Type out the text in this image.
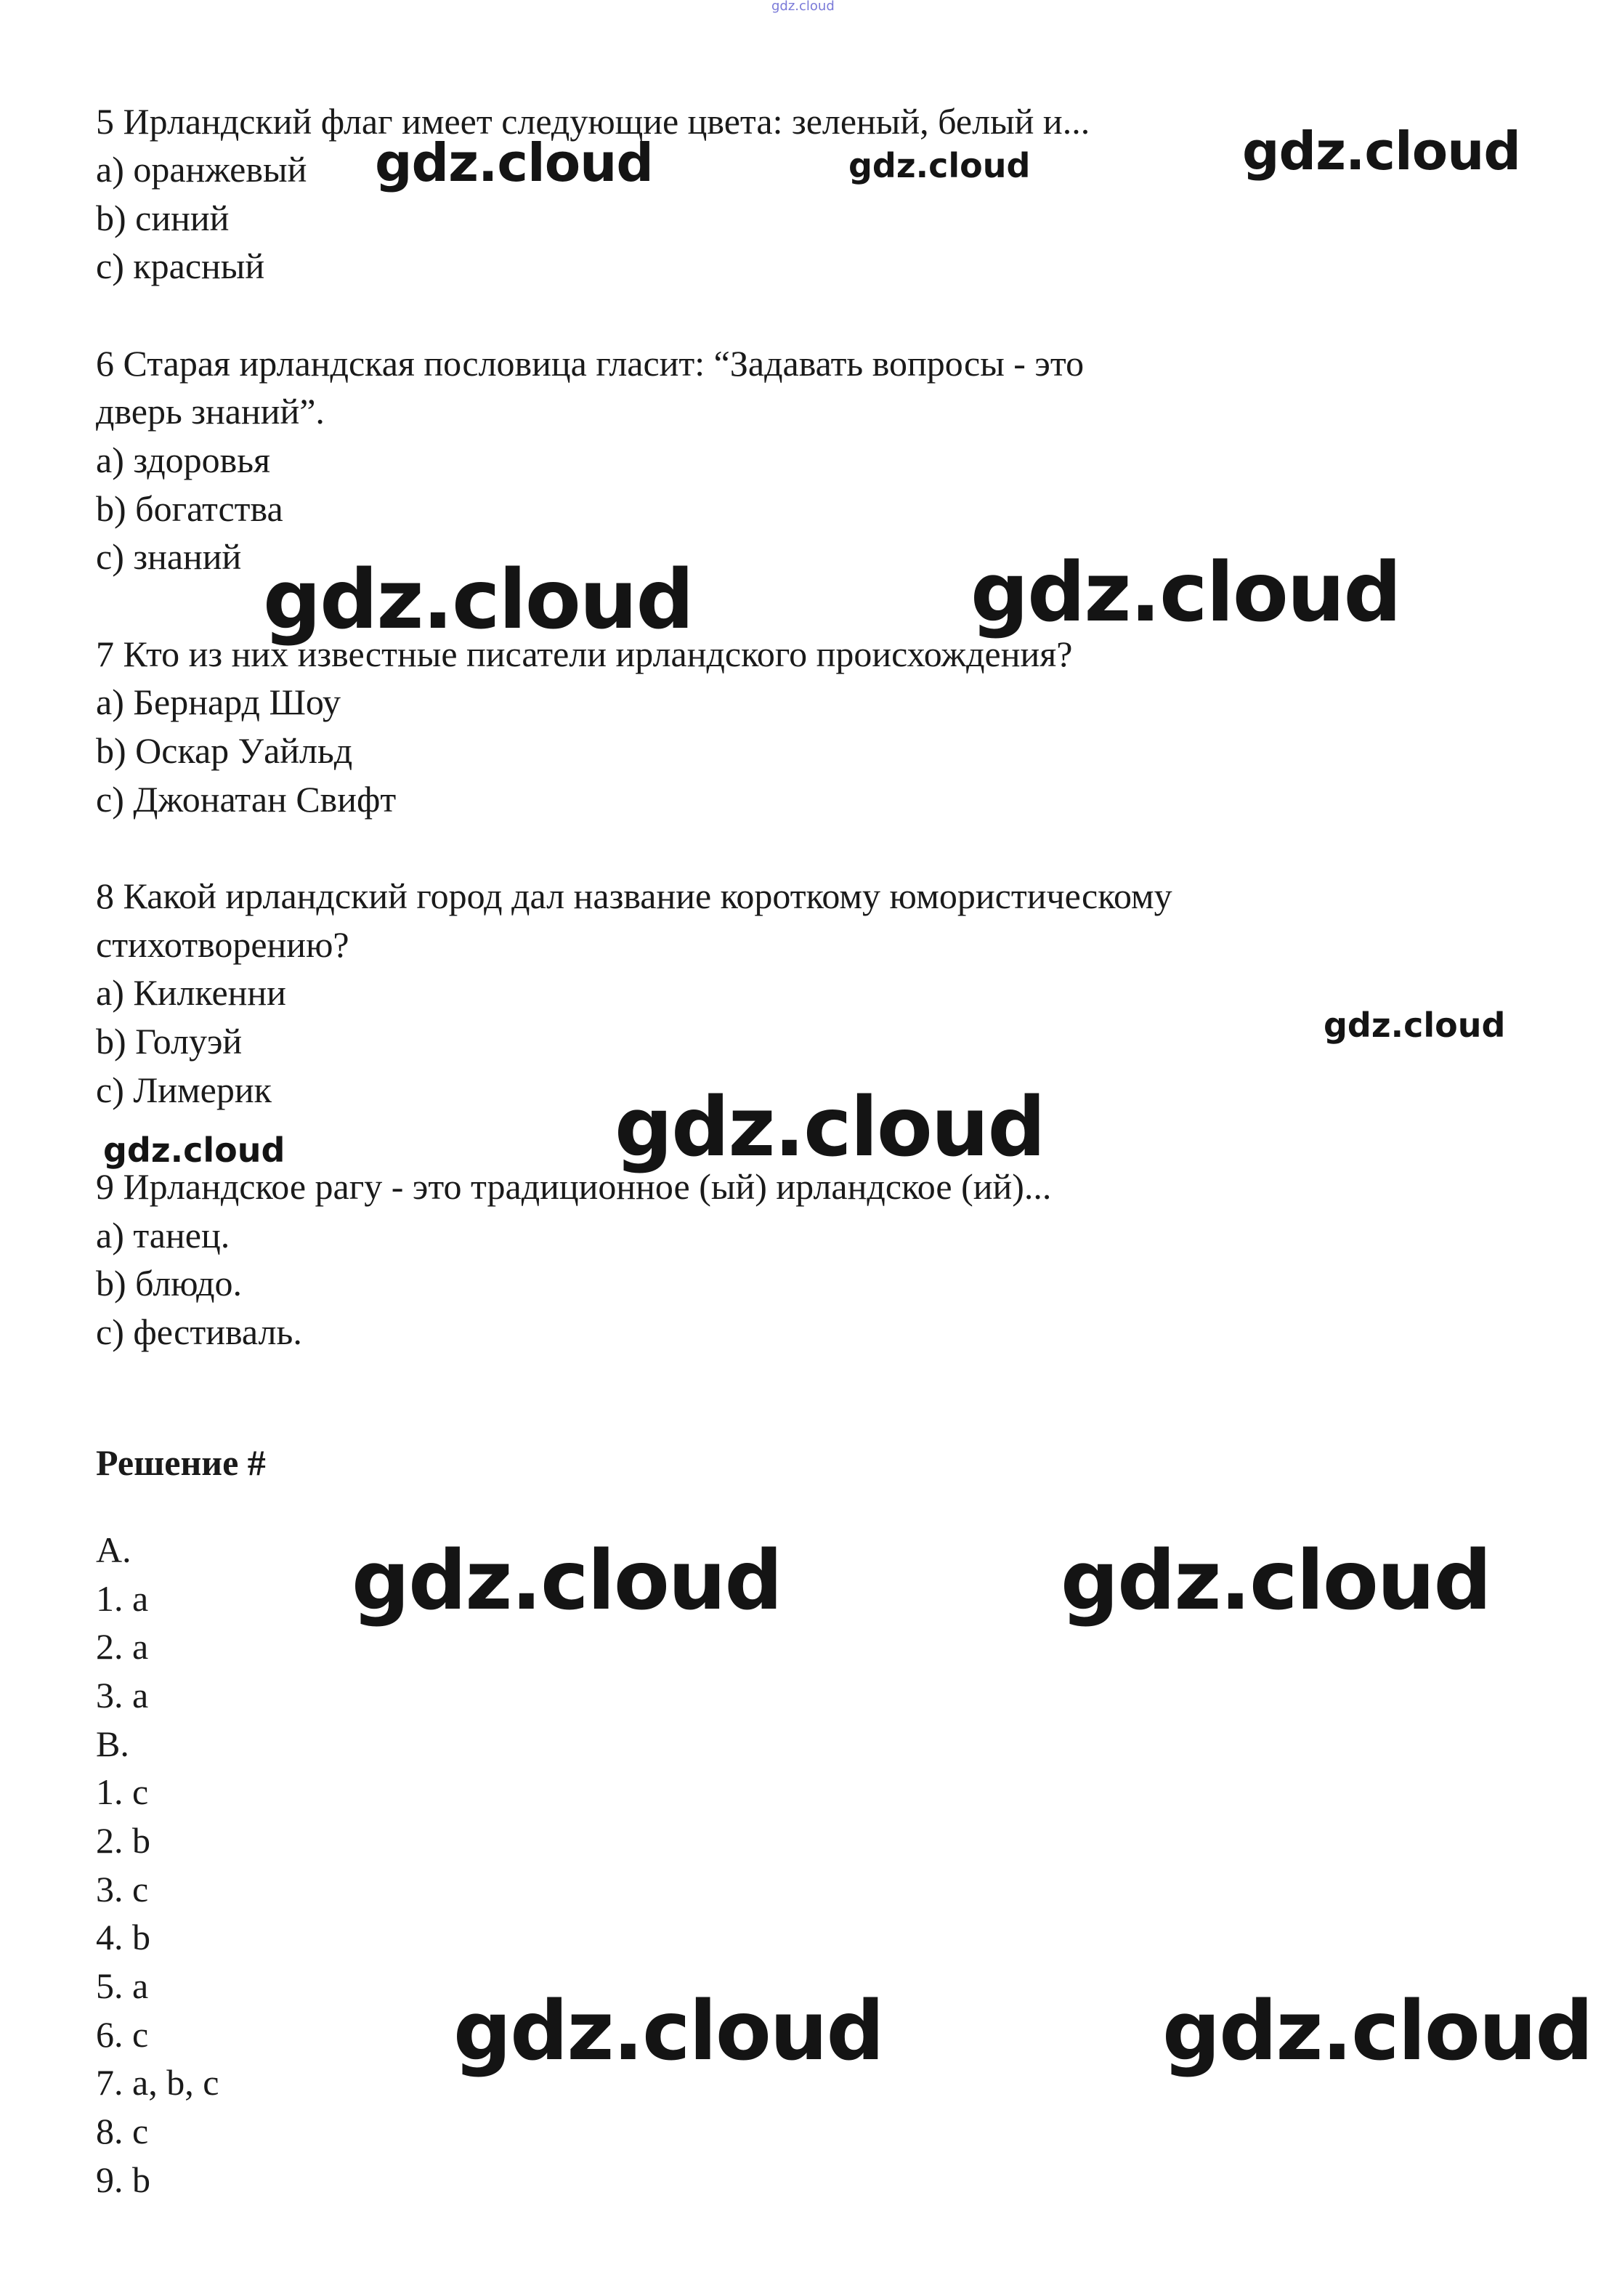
gdz.cloud
5 Ирландский флаг имеет следующие цвета: зеленый, белый и...
a) оранжевый
b) синий
c) красный
6 Старая ирландская пословица гласит: “Задавать вопросы - это
дверь знаний”.
a) здоровья
b) богатства
c) знаний
7 Кто из них известные писатели ирландского происхождения?
a) Бернард Шоу
b) Оскар Уайльд
c) Джонатан Свифт
8 Какой ирландский город дал название короткому юмористическому
стихотворению?
a) Килкенни
b) Голуэй
c) Лимерик
9 Ирландское рагу - это традиционное (ый) ирландское (ий)...
a) танец.
b) блюдо.
c) фестиваль.
Решение #
A.
1. a
2. a
3. a
B.
1. c
2. b
3. c
4. b
5. a
6. c
7. a, b, c
8. c
9. b
gdz.cloud	gdz.cloud	gdz.cloud
gdz.cloud	gdz.cloud
gdz.cloud
gdz.cloud
gdz.cloud
gdz.cloud	gdz.cloud
gdz.cloud	gdz.cloud
